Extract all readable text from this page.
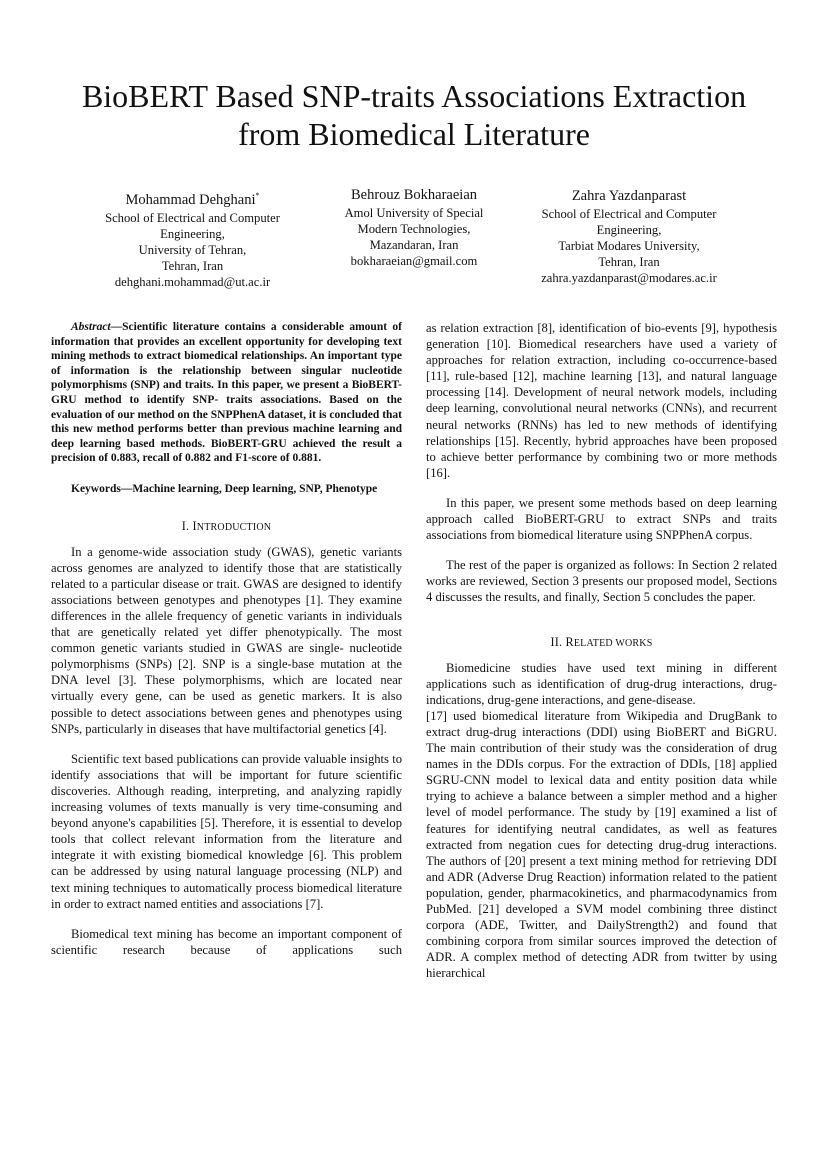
BioBERT Based SNP-traits Associations Extraction
from Biomedical Literature
Mohammad Dehghani*
School of Electrical and Computer
Engineering,
University of Tehran,
Tehran, Iran
dehghani.mohammad@ut.ac.ir
Behrouz Bokharaeian
Amol University of Special
Modern Technologies,
Mazandaran, Iran
bokharaeian@gmail.com
Zahra Yazdanparast
School of Electrical and Computer
Engineering,
Tarbiat Modares University,
Tehran, Iran
zahra.yazdanparast@modares.ac.ir

Abstract—Scientific literature contains a considerable amount of information that provides an excellent opportunity for developing text mining methods to extract biomedical relationships. An important type of information is the relationship between singular nucleotide polymorphisms (SNP) and traits. In this paper, we present a BioBERT-GRU method to identify SNP- traits associations. Based on the evaluation of our method on the SNPPhenA dataset, it is concluded that this new method performs better than previous machine learning and deep learning based methods. BioBERT-GRU achieved the result a precision of 0.883, recall of 0.882 and F1-score of 0.881.

Keywords—Machine learning, Deep learning, SNP, Phenotype

I. INTRODUCTION

In a genome-wide association study (GWAS), genetic variants across genomes are analyzed to identify those that are statistically related to a particular disease or trait. GWAS are designed to identify associations between genotypes and phenotypes [1]. They examine differences in the allele frequency of genetic variants in individuals that are genetically related yet differ phenotypically. The most common genetic variants studied in GWAS are single- nucleotide polymorphisms (SNPs) [2]. SNP is a single-base mutation at the DNA level [3]. These polymorphisms, which are located near virtually every gene, can be used as genetic markers. It is also possible to detect associations between genes and phenotypes using SNPs, particularly in diseases that have multifactorial genetics [4].

Scientific text based publications can provide valuable insights to identify associations that will be important for future scientific discoveries. Although reading, interpreting, and analyzing rapidly increasing volumes of texts manually is very time-consuming and beyond anyone's capabilities [5]. Therefore, it is essential to develop tools that collect relevant information from the literature and integrate it with existing biomedical knowledge [6]. This problem can be addressed by using natural language processing (NLP) and text mining techniques to automatically process biomedical literature in order to extract named entities and associations [7].

Biomedical text mining has become an important component of scientific research because of applications such

as relation extraction [8], identification of bio-events [9], hypothesis generation [10]. Biomedical researchers have used a variety of approaches for relation extraction, including co-occurrence-based [11], rule-based [12], machine learning [13], and natural language processing [14]. Development of neural network models, including deep learning, convolutional neural networks (CNNs), and recurrent neural networks (RNNs) has led to new methods of identifying relationships [15]. Recently, hybrid approaches have been proposed to achieve better performance by combining two or more methods [16].

In this paper, we present some methods based on deep learning approach called BioBERT-GRU to extract SNPs and traits associations from biomedical literature using SNPPhenA corpus.

The rest of the paper is organized as follows: In Section 2 related works are reviewed, Section 3 presents our proposed model, Sections 4 discusses the results, and finally, Section 5 concludes the paper.

II. RELATED WORKS

Biomedicine studies have used text mining in different applications such as identification of drug-drug interactions, drug-indications, drug-gene interactions, and gene-disease.

[17] used biomedical literature from Wikipedia and DrugBank to extract drug-drug interactions (DDI) using BioBERT and BiGRU. The main contribution of their study was the consideration of drug names in the DDIs corpus. For the extraction of DDIs, [18] applied SGRU-CNN model to lexical data and entity position data while trying to achieve a balance between a simpler method and a higher level of model performance. The study by [19] examined a list of features for identifying neutral candidates, as well as features extracted from negation cues for detecting drug-drug interactions. The authors of [20] present a text mining method for retrieving DDI and ADR (Adverse Drug Reaction) information related to the patient population, gender, pharmacokinetics, and pharmacodynamics from PubMed. [21] developed a SVM model combining three distinct corpora (ADE, Twitter, and DailyStrength2) and found that combining corpora from similar sources improved the detection of ADR. A complex method of detecting ADR from twitter by using hierarchical
